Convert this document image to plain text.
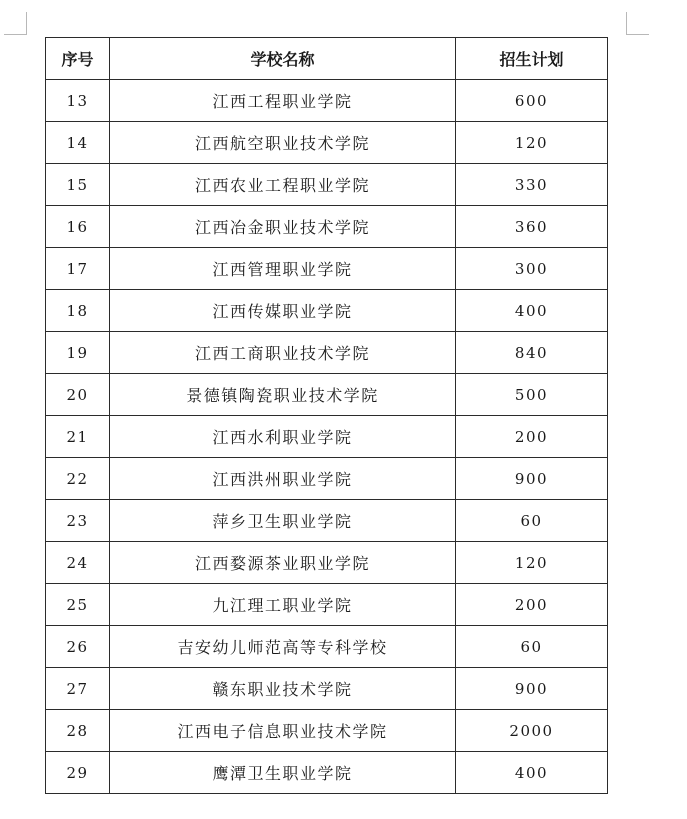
序号	学校名称	招生计划
13	江西工程职业学院	600
14	江西航空职业技术学院	120
15	江西农业工程职业学院	330
16	江西冶金职业技术学院	360
17	江西管理职业学院	300
18	江西传媒职业学院	400
19	江西工商职业技术学院	840
20	景德镇陶瓷职业技术学院	500
21	江西水利职业学院	200
22	江西洪州职业学院	900
23	萍乡卫生职业学院	60
24	江西婺源茶业职业学院	120
25	九江理工职业学院	200
26	吉安幼儿师范高等专科学校	60
27	赣东职业技术学院	900
28	江西电子信息职业技术学院	2000
29	鹰潭卫生职业学院	400
